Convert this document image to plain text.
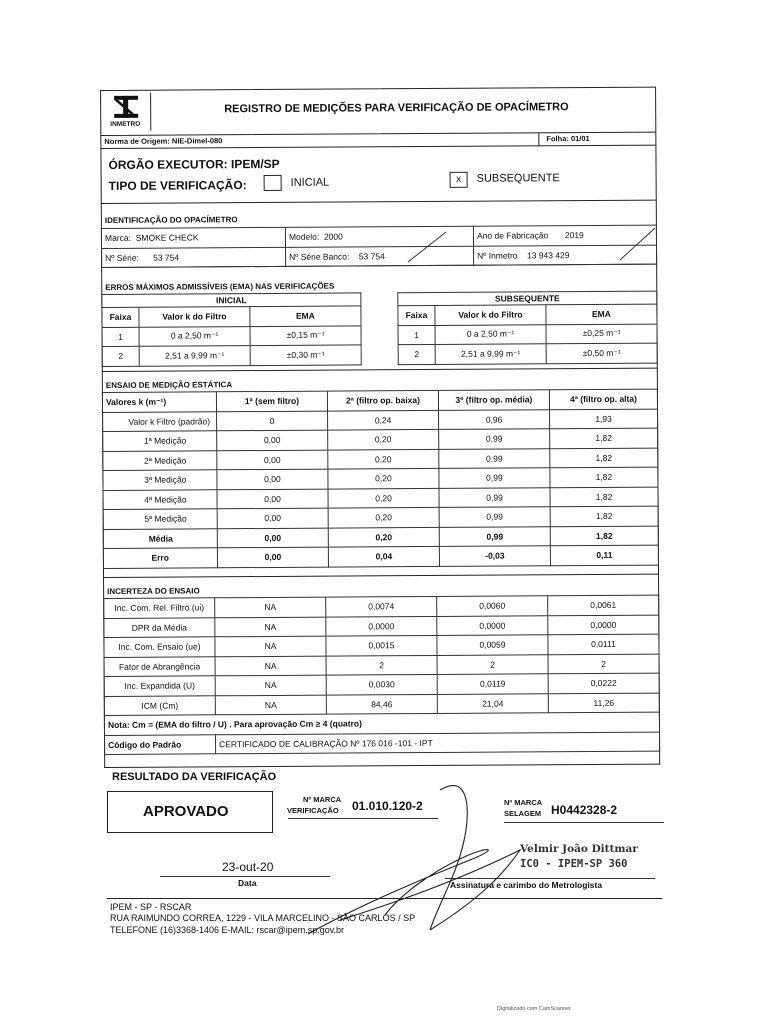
INMETRO
REGISTRO DE MEDIÇÕES PARA VERIFICAÇÃO DE OPACÍMETRO
Norma de Origem: NIE-Dimel-080	Folha: 01/01
ÓRGÃO EXECUTOR: IPEM/SP
TIPO DE VERIFICAÇÃO:	INICIAL	x	SUBSEQUENTE
IDENTIFICAÇÃO DO OPACÍMETRO
Marca: SMOKE CHECK	Modelo: 2000	Ano de Fabricação 2019
Nº Série: 53 754	Nº Série Banco: 53 754	Nº Inmetro 13 943 429
ERROS MÁXIMOS ADMISSÍVEIS (EMA) NAS VERIFICAÇÕES
INICIAL		
Faixa	Valor k do Filtro	EMA
1	0 a 2,50 m⁻¹	±0,15 m⁻¹
2	2,51 a 9,99 m⁻¹	±0,30 m⁻¹
SUBSEQUENTE		
Faixa	Valor k do Filtro	EMA
1	0 a 2,50 m⁻¹	±0,25 m⁻¹
2	2,51 a 9,99 m⁻¹	±0,50 m⁻¹
ENSAIO DE MEDIÇÃO ESTÁTICA
Valores k (m⁻¹)	1ª (sem filtro)	2ª (filtro op. baixa)	3ª (filtro op. média)	4ª (filtro op. alta)
Valor k Filtro (padrão)	0	0,24	0,96	1,93
1ª Medição	0,00	0,20	0,99	1,82
2ª Medição	0,00	0,20	0,99	1,82
3ª Medição	0,00	0,20	0,99	1,82
4ª Medição	0,00	0,20	0,99	1,82
5ª Medição	0,00	0,20	0,99	1,82
Média	0,00	0,20	0,99	1,82
Erro	0,00	0,04	-0,03	0,11
INCERTEZA DO ENSAIO
Inc. Com. Rel. Filtro (ui)	NA	0,0074	0,0060	0,0061
DPR da Média	NA	0,0000	0,0000	0,0000
Inc. Com. Ensaio (ue)	NA	0,0015	0,0059	0,0111
Fator de Abrangência	NA	2	2	2
Inc. Expandida (U)	NA	0,0030	0,0119	0,0222
ICM (Cm)	NA	84,46	21,04	11,26
Nota: Cm = (EMA do filtro / U) . Para aprovação Cm ≥ 4 (quatro)				
Código do Padrão	CERTIFICADO DE CALIBRAÇÃO Nº 176 016 -101 - IPT			
RESULTADO DA VERIFICAÇÃO
APROVADO
Nº MARCA
VERIFICAÇÃO 01.010.120-2	Nº MARCA
SELAGEM H0442328-2
23-out-20
Data
Velmir João Dittmar
IC0 - IPEM-SP 360
Assinatura e carimbo do Metrologista
IPEM - SP - RSCAR
RUA RAIMUNDO CORREA, 1229 - VILA MARCELINO - SÃO CARLOS / SP
TELEFONE (16)3368-1406 E-MAIL: rscar@ipem.sp.gov.br
Digitalizado com CamScanner
